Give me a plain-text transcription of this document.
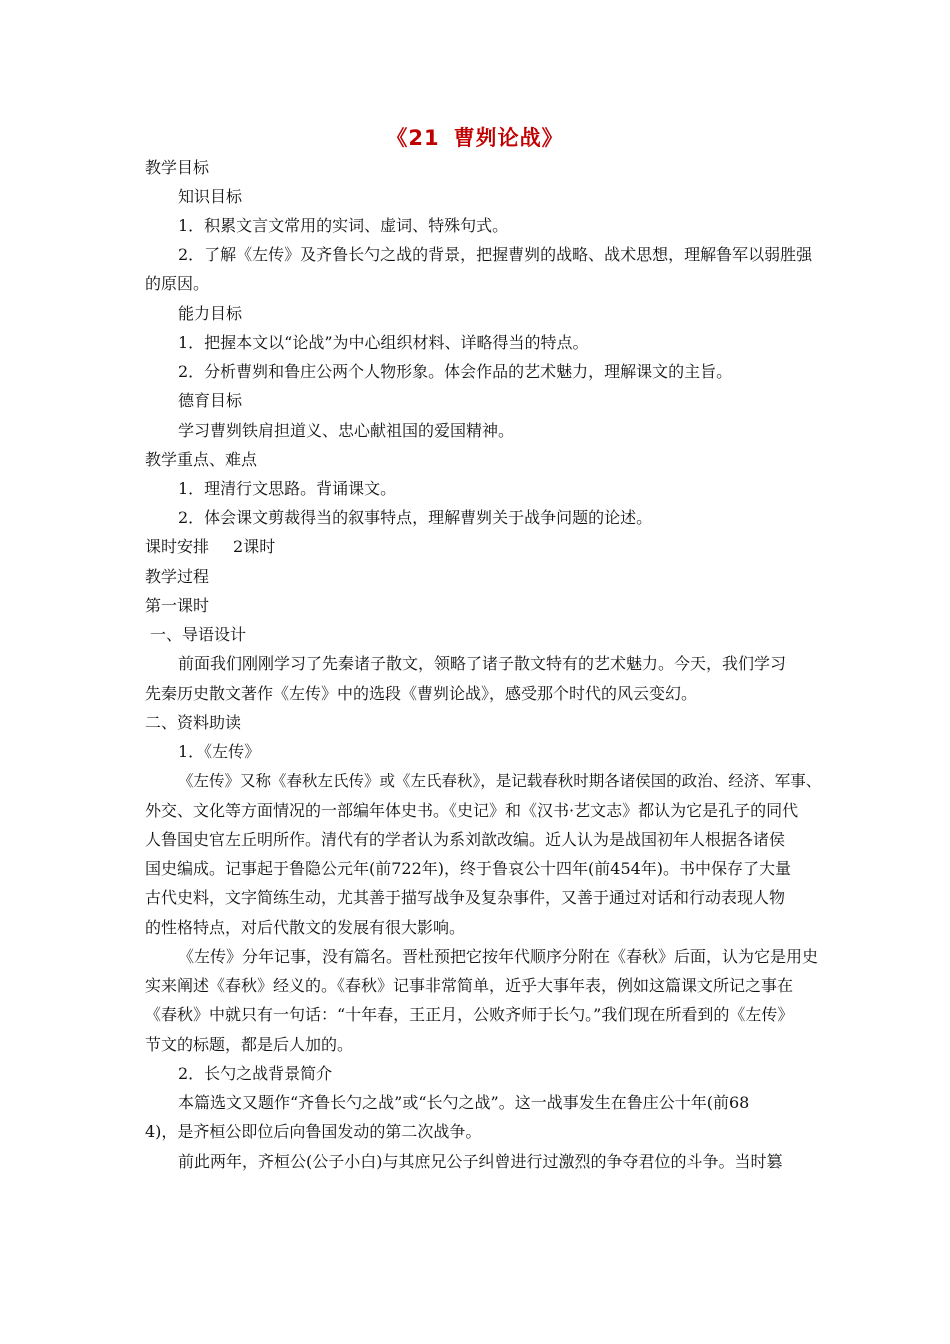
《21 曹刿论战》
教学目标
知识目标
1．积累文言文常用的实词、虚词、特殊句式。
2．了解《左传》及齐鲁长勺之战的背景，把握曹刿的战略、战术思想，理解鲁军以弱胜强
的原因。
能力目标
1．把握本文以“论战”为中心组织材料、详略得当的特点。
2．分析曹刿和鲁庄公两个人物形象。体会作品的艺术魅力，理解课文的主旨。
德育目标
学习曹刿铁肩担道义、忠心献祖国的爱国精神。
教学重点、难点
1．理清行文思路。背诵课文。
2．体会课文剪裁得当的叙事特点，理解曹刿关于战争问题的论述。
课时安排 2课时
教学过程
第一课时
一、导语设计
前面我们刚刚学习了先秦诸子散文，领略了诸子散文特有的艺术魅力。今天，我们学习
先秦历史散文著作《左传》中的选段《曹刿论战》，感受那个时代的风云变幻。
二、资料助读
1．《左传》
《左传》又称《春秋左氏传》或《左氏春秋》，是记载春秋时期各诸侯国的政治、经济、军事、
外交、文化等方面情况的一部编年体史书。《史记》和《汉书·艺文志》都认为它是孔子的同代
人鲁国史官左丘明所作。清代有的学者认为系刘歆改编。近人认为是战国初年人根据各诸侯
国史编成。记事起于鲁隐公元年(前722年)，终于鲁哀公十四年(前454年)。书中保存了大量
古代史料，文字简练生动，尤其善于描写战争及复杂事件，又善于通过对话和行动表现人物
的性格特点，对后代散文的发展有很大影响。
《左传》分年记事，没有篇名。晋杜预把它按年代顺序分附在《春秋》后面，认为它是用史
实来阐述《春秋》经义的。《春秋》记事非常简单，近乎大事年表，例如这篇课文所记之事在
《春秋》中就只有一句话：“十年春，王正月，公败齐师于长勺。”我们现在所看到的《左传》
节文的标题，都是后人加的。
2．长勺之战背景简介
本篇选文又题作“齐鲁长勺之战”或“长勺之战”。这一战事发生在鲁庄公十年(前68
4)，是齐桓公即位后向鲁国发动的第二次战争。
前此两年，齐桓公(公子小白)与其庶兄公子纠曾进行过激烈的争夺君位的斗争。当时篡
